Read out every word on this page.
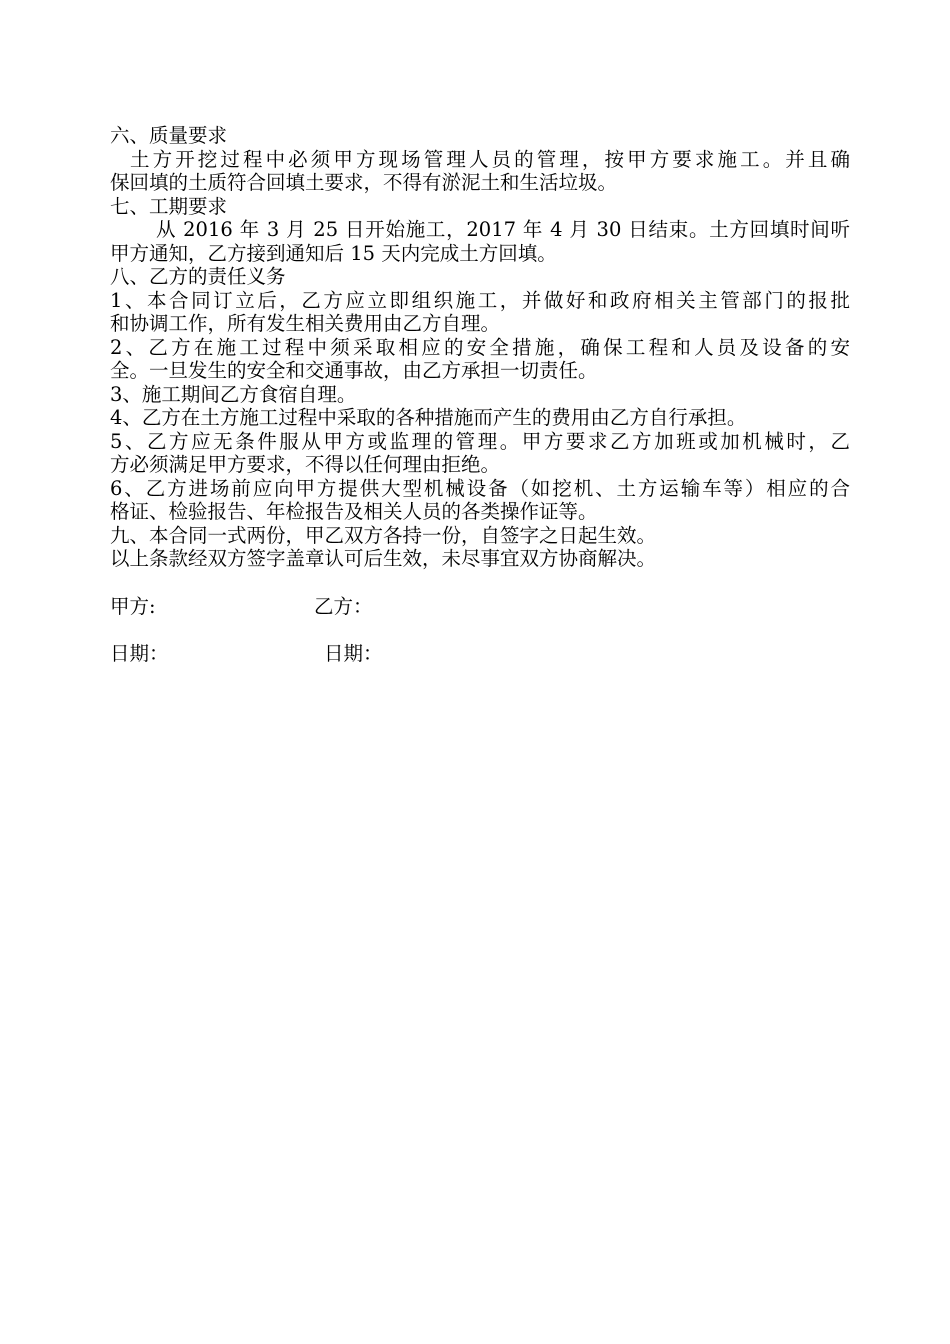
六、质量要求
土方开挖过程中必须甲方现场管理人员的管理，按甲方要求施工。并且确
保回填的土质符合回填土要求，不得有淤泥土和生活垃圾。
七、工期要求
从 2016 年 3 月 25 日开始施工，2017 年 4 月 30 日结束。土方回填时间听
甲方通知，乙方接到通知后 15 天内完成土方回填。
八、乙方的责任义务
1、本合同订立后，乙方应立即组织施工，并做好和政府相关主管部门的报批
和协调工作，所有发生相关费用由乙方自理。
2、乙方在施工过程中须采取相应的安全措施，确保工程和人员及设备的安
全。一旦发生的安全和交通事故，由乙方承担一切责任。
3、施工期间乙方食宿自理。
4、乙方在土方施工过程中采取的各种措施而产生的费用由乙方自行承担。
5、乙方应无条件服从甲方或监理的管理。甲方要求乙方加班或加机械时，乙
方必须满足甲方要求，不得以任何理由拒绝。
6、乙方进场前应向甲方提供大型机械设备（如挖机、土方运输车等）相应的合
格证、检验报告、年检报告及相关人员的各类操作证等。
九、本合同一式两份，甲乙双方各持一份，自签字之日起生效。
以上条款经双方签字盖章认可后生效，未尽事宜双方协商解决。
甲方:	乙方：
日期：	日期：
